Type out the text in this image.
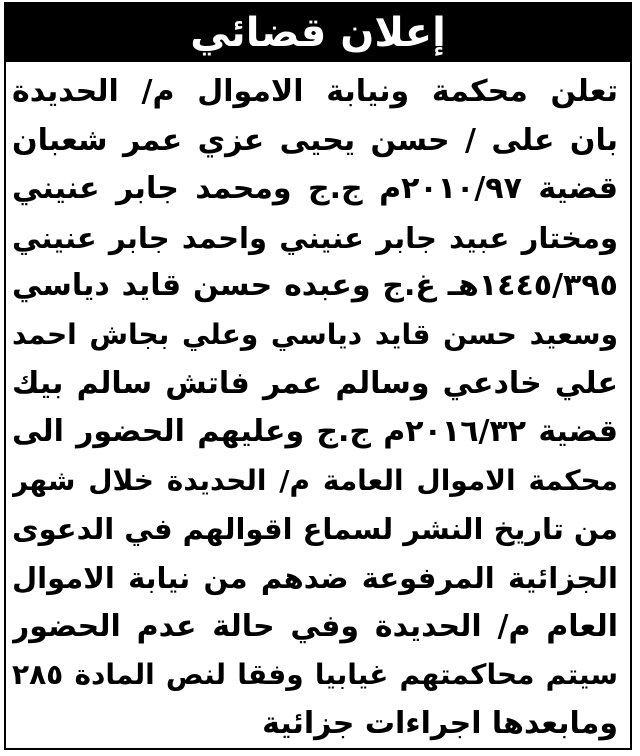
إعلان قضائي
تعلن محكمة ونيابة الاموال م/ الحديدة
بان على / حسن يحيى عزي عمر شعبان
قضية ٢٠١٠/٩٧م ج.ج ومحمد جابر عنيني
ومختار عبيد جابر عنيني واحمد جابر عنيني
١٤٤٥/٣٩٥هـ غ.ج وعبده حسن قايد دياسي
وسعيد حسن قايد دياسي وعلي بجاش احمد
علي خادعي وسالم عمر فاتش سالم بيك
قضية ٢٠١٦/٣٢م ج.ج وعليهم الحضور الى
محكمة الاموال العامة م/ الحديدة خلال شهر
من تاريخ النشر لسماع اقوالهم في الدعوى
الجزائية المرفوعة ضدهم من نيابة الاموال
العام م/ الحديدة وفي حالة عدم الحضور
سيتم محاكمتهم غيابيا وفقا لنص المادة ٢٨٥
ومابعدها اجراءات جزائية
